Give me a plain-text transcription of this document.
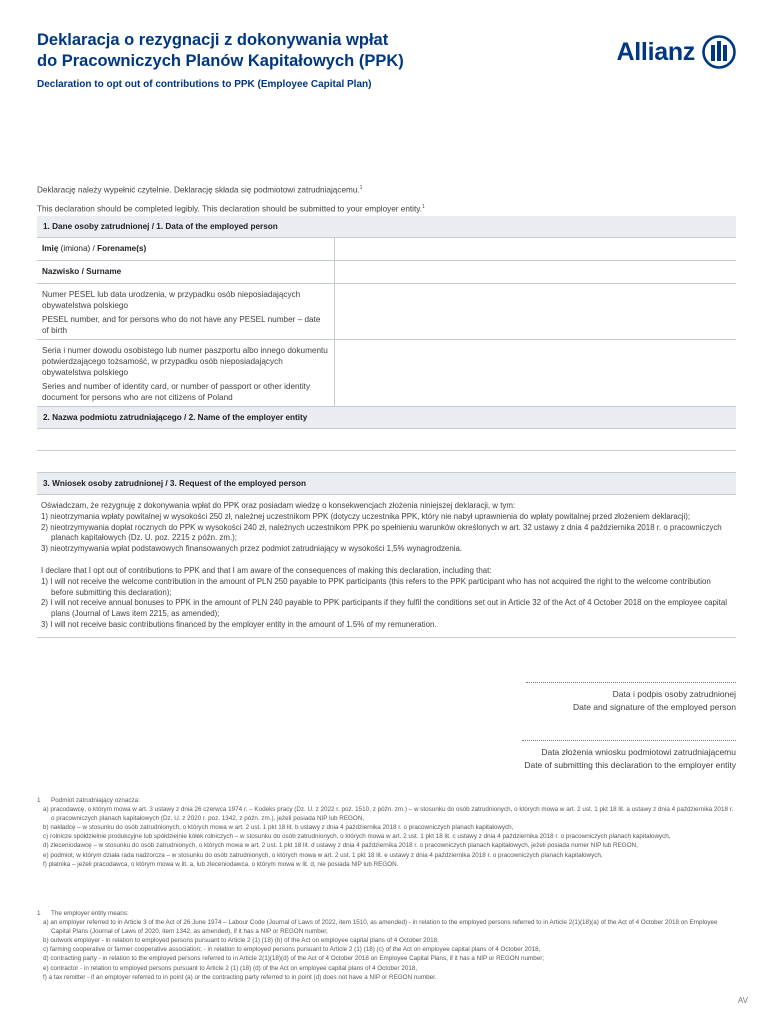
Deklaracja o rezygnacji z dokonywania wpłat
do Pracowniczych Planów Kapitałowych (PPK)
Declaration to opt out of contributions to PPK (Employee Capital Plan)
Allianz
Deklarację należy wypełnić czytelnie. Deklarację składa się podmiotowi zatrudniającemu.$^1$
This declaration should be completed legibly. This declaration should be submitted to your employer entity.$^1$
1. Dane osoby zatrudnionej / 1. Data of the employed person
Imię (imiona) / Forename(s)
Nazwisko / Surname

Numer PESEL lub data urodzenia, w przypadku osób nieposiadających obywatelstwa polskiego

PESEL number, and for persons who do not have any PESEL number – date of birth

Seria i numer dowodu osobistego lub numer paszportu albo innego dokumentu potwierdzającego tożsamość, w przypadku osób nieposiadających obywatelstwa polskiego

Series and number of identity card, or number of passport or other identity document for persons who are not citizens of Poland

2. Nazwa podmiotu zatrudniającego / 2. Name of the employer entity
3. Wniosek osoby zatrudnionej / 3. Request of the employed person

Oświadczam, że rezygnuję z dokonywania wpłat do PPK oraz posiadam wiedzę o konsekwencjach złożenia niniejszej deklaracji, w tym:

1) nieotrzymania wpłaty powitalnej w wysokości 250 zł, należnej uczestnikom PPK (dotyczy uczestnika PPK, który nie nabył uprawnienia do wpłaty powitalnej przed złożeniem deklaracji);

2) nieotrzymywania dopłat rocznych do PPK w wysokości 240 zł, należnych uczestnikom PPK po spełnieniu warunków określonych w art. 32 ustawy z dnia 4 października 2018 r. o pracowniczych planach kapitałowych (Dz. U. poz. 2215 z późn. zm.);

3) nieotrzymywania wpłat podstawowych finansowanych przez podmiot zatrudniający w wysokości 1,5% wynagrodzenia.

I declare that I opt out of contributions to PPK and that I am aware of the consequences of making this declaration, including that:

1) I will not receive the welcome contribution in the amount of PLN 250 payable to PPK participants (this refers to the PPK participant who has not acquired the right to the welcome contribution before submitting this declaration);

2) I will not receive annual bonuses to PPK in the amount of PLN 240 payable to PPK participants if they fulfil the conditions set out in Article 32 of the Act of 4 October 2018 on the employee capital plans (Journal of Laws item 2215, as amended);

3) I will not receive basic contributions financed by the employer entity in the amount of 1.5% of my remuneration.

Data i podpis osoby zatrudnionej
Date and signature of the employed person
Data złożenia wniosku podmiotowi zatrudniającemu
Date of submitting this declaration to the employer entity

1 Podmiot zatrudniający oznacza:

a) pracodawcę, o którym mowa w art. 3 ustawy z dnia 26 czerwca 1974 r. – Kodeks pracy (Dz. U. z 2022 r. poz. 1510, z późn. zm.) – w stosunku do osób zatrudnionych, o których mowa w art. 2 ust. 1 pkt 18 lit. a ustawy z dnia 4 października 2018 r. o pracowniczych planach kapitałowych (Dz. U. z 2020 r. poz. 1342, z późn. zm.), jeżeli posiada NIP lub REGON,

b) nakładcę – w stosunku do osób zatrudnionych, o których mowa w art. 2 ust. 1 pkt 18 lit. b ustawy z dnia 4 października 2018 r. o pracowniczych planach kapitałowych,

c) rolnicze spółdzielnie produkcyjne lub spółdzielnie kółek rolniczych – w stosunku do osób zatrudnionych, o których mowa w art. 2 ust. 1 pkt 18 lit. c ustawy z dnia 4 października 2018 r. o pracowniczych planach kapitałowych,

d) zleceniodawcę – w stosunku do osób zatrudnionych, o których mowa w art. 2 ust. 1 pkt 18 lit. d ustawy z dnia 4 października 2018 r. o pracowniczych planach kapitałowych, jeżeli posiada numer NIP lub REGON,

e) podmiot, w którym działa rada nadzorcza – w stosunku do osób zatrudnionych, o których mowa w art. 2 ust. 1 pkt 18 lit. e ustawy z dnia 4 października 2018 r. o pracowniczych planach kapitałowych,

f) płatnika – jeżeli pracodawca, o którym mowa w lit. a, lub zleceniodawca, o którym mowa w lit. d, nie posiada NIP lub REGON.

1 The employer entity means:

a) an employer referred to in Article 3 of the Act of 26 June 1974 – Labour Code (Journal of Laws of 2022, item 1510, as amended) - in relation to the employed persons referred to in Article 2(1)(18)(a) of the Act of 4 October 2018 on Employee Capital Plans (Journal of Laws of 2020, item 1342, as amended), if it has a NIP or REGON number,

b) outwork employer - in relation to employed persons pursuant to Article 2 (1) (18) (b) of the Act on employee capital plans of 4 October 2018,

c) farming cooperative or farmer cooperative association; - in relation to employed persons pursuant to Article 2 (1) (18) (c) of the Act on employee capital plans of 4 October 2018,

d) contracting party - in relation to the employed persons referred to in Article 2(1)(18)(d) of the Act of 4 October 2018 on Employee Capital Plans, if it has a NIP or REGON number;

e) contractor - in relation to employed persons pursuant to Article 2 (1) (18) (d) of the Act on employee capital plans of 4 October 2018,

f) a tax remitter - if an employer referred to in point (a) or the contracting party referred to in point (d) does not have a NIP or REGON number.

AV
